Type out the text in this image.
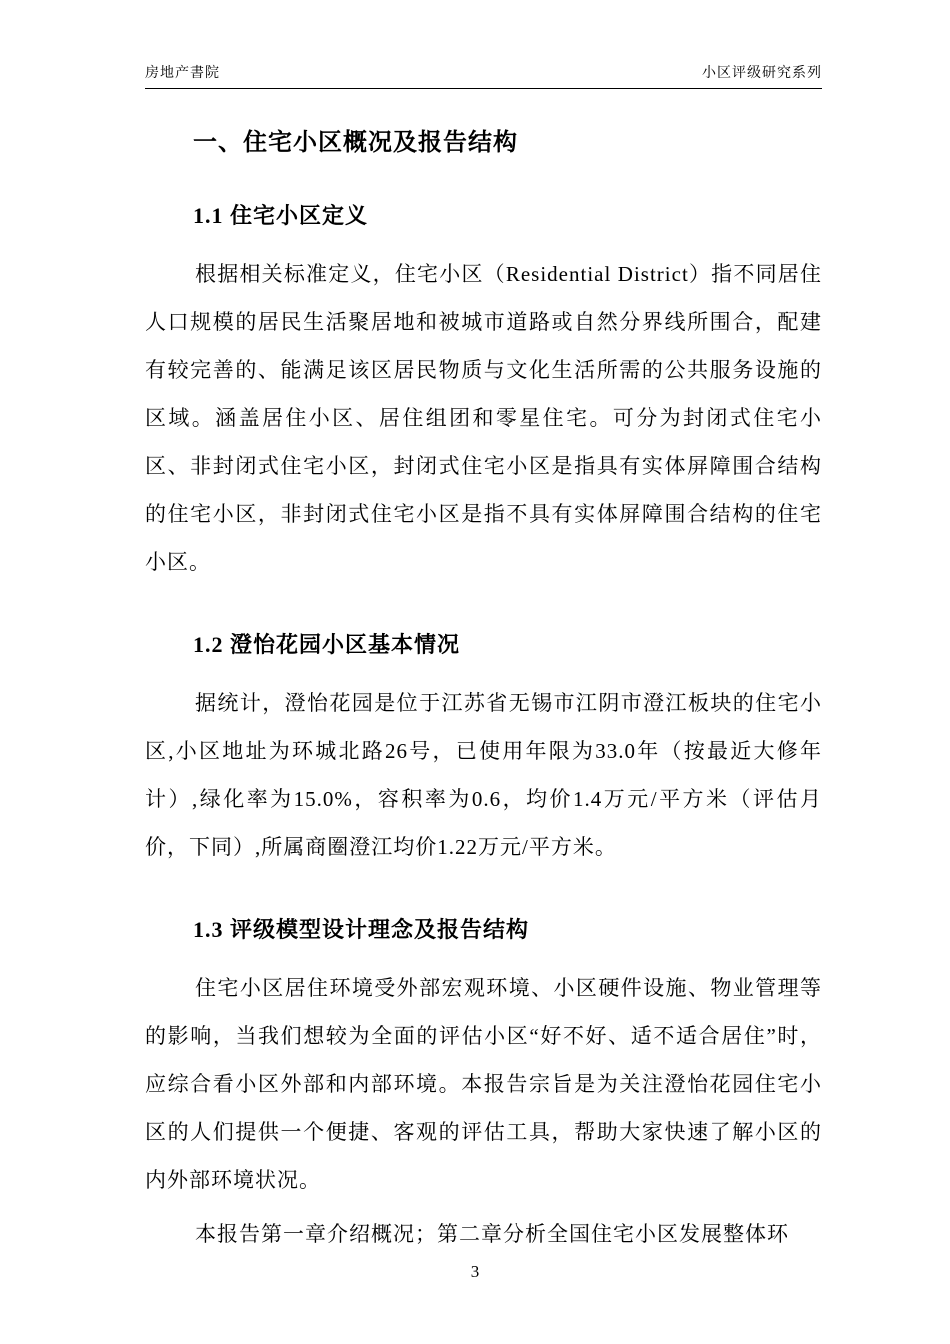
房地产書院	小区评级研究系列
一、住宅小区概况及报告结构
1.1 住宅小区定义

根据相关标准定义，住宅小区（Residential District）指不同居住人口规模的居民生活聚居地和被城市道路或自然分界线所围合，配建有较完善的、能满足该区居民物质与文化生活所需的公共服务设施的区域。涵盖居住小区、居住组团和零星住宅。可分为封闭式住宅小区、非封闭式住宅小区，封闭式住宅小区是指具有实体屏障围合结构的住宅小区，非封闭式住宅小区是指不具有实体屏障围合结构的住宅小区。

1.2 澄怡花园小区基本情况

据统计，澄怡花园是位于江苏省无锡市江阴市澄江板块的住宅小区,小区地址为环城北路26号，已使用年限为33.0年（按最近大修年计）,绿化率为15.0%，容积率为0.6，均价1.4万元/平方米（评估月价，下同）,所属商圈澄江均价1.22万元/平方米。

1.3 评级模型设计理念及报告结构

住宅小区居住环境受外部宏观环境、小区硬件设施、物业管理等的影响，当我们想较为全面的评估小区“好不好、适不适合居住”时，应综合看小区外部和内部环境。本报告宗旨是为关注澄怡花园住宅小区的人们提供一个便捷、客观的评估工具，帮助大家快速了解小区的内外部环境状况。

本报告第一章介绍概况；第二章分析全国住宅小区发展整体环

3
